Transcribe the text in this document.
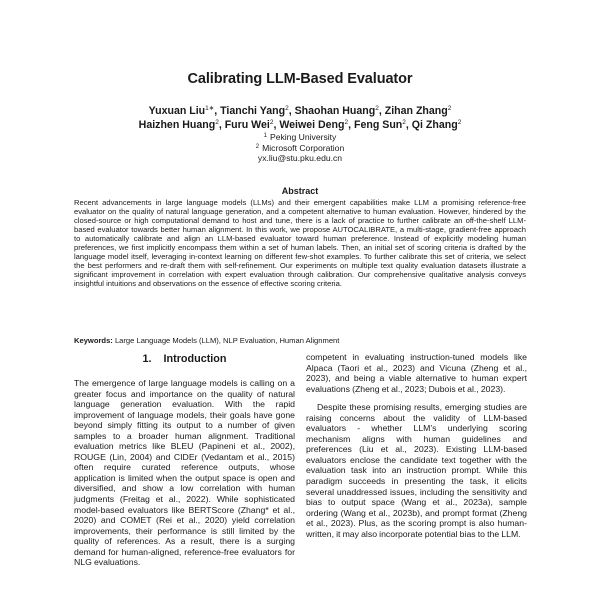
Calibrating LLM-Based Evaluator
Yuxuan Liu$^{1∗}$, Tianchi Yang$^2$, Shaohan Huang$^2$, Zihan Zhang$^2$
Haizhen Huang$^2$, Furu Wei$^2$, Weiwei Deng$^2$, Feng Sun$^2$, Qi Zhang$^2$
$^1$ Peking University
$^2$ Microsoft Corporation
yx.liu@stu.pku.edu.cn
Abstract

Recent advancements in large language models (LLMs) and their emergent capabilities make LLM a promising reference-free evaluator on the quality of natural language generation, and a competent alternative to human evaluation. However, hindered by the closed-source or high computational demand to host and tune, there is a lack of practice to further calibrate an off-the-shelf LLM-based evaluator towards better human alignment. In this work, we propose AUTOCALIBRATE, a multi-stage, gradient-free approach to automatically calibrate and align an LLM-based evaluator toward human preference. Instead of explicitly modeling human preferences, we first implicitly encompass them within a set of human labels. Then, an initial set of scoring criteria is drafted by the language model itself, leveraging in-context learning on different few-shot examples. To further calibrate this set of criteria, we select the best performers and re-draft them with self-refinement. Our experiments on multiple text quality evaluation datasets illustrate a significant improvement in correlation with expert evaluation through calibration. Our comprehensive qualitative analysis conveys insightful intuitions and observations on the essence of effective scoring criteria.

Keywords: Large Language Models (LLM), NLP Evaluation, Human Alignment
1. Introduction

The emergence of large language models is calling on a greater focus and importance on the quality of natural language generation evaluation. With the rapid improvement of language models, their goals have gone beyond simply fitting its output to a number of given samples to a broader human alignment. Traditional evaluation metrics like BLEU (Papineni et al., 2002), ROUGE (Lin, 2004) and CIDEr (Vedantam et al., 2015) often require curated reference outputs, whose application is limited when the output space is open and diversified, and show a low correlation with human judgments (Freitag et al., 2022). While sophisticated model-based evaluators like BERTScore (Zhang* et al., 2020) and COMET (Rei et al., 2020) yield correlation improvements, their performance is still limited by the quality of references. As a result, there is a surging demand for human-aligned, reference-free evaluators for NLG evaluations.

competent in evaluating instruction-tuned models like Alpaca (Taori et al., 2023) and Vicuna (Zheng et al., 2023), and being a viable alternative to human expert evaluations (Zheng et al., 2023; Dubois et al., 2023).

Despite these promising results, emerging studies are raising concerns about the validity of LLM-based evaluators - whether LLM’s underlying scoring mechanism aligns with human guidelines and preferences (Liu et al., 2023). Existing LLM-based evaluators enclose the candidate text together with the evaluation task into an instruction prompt. While this paradigm succeeds in presenting the task, it elicits several unaddressed issues, including the sensitivity and bias to output space (Wang et al., 2023a), sample ordering (Wang et al., 2023b), and prompt format (Zheng et al., 2023). Plus, as the scoring prompt is also human-written, it may also incorporate potential bias to the LLM.
